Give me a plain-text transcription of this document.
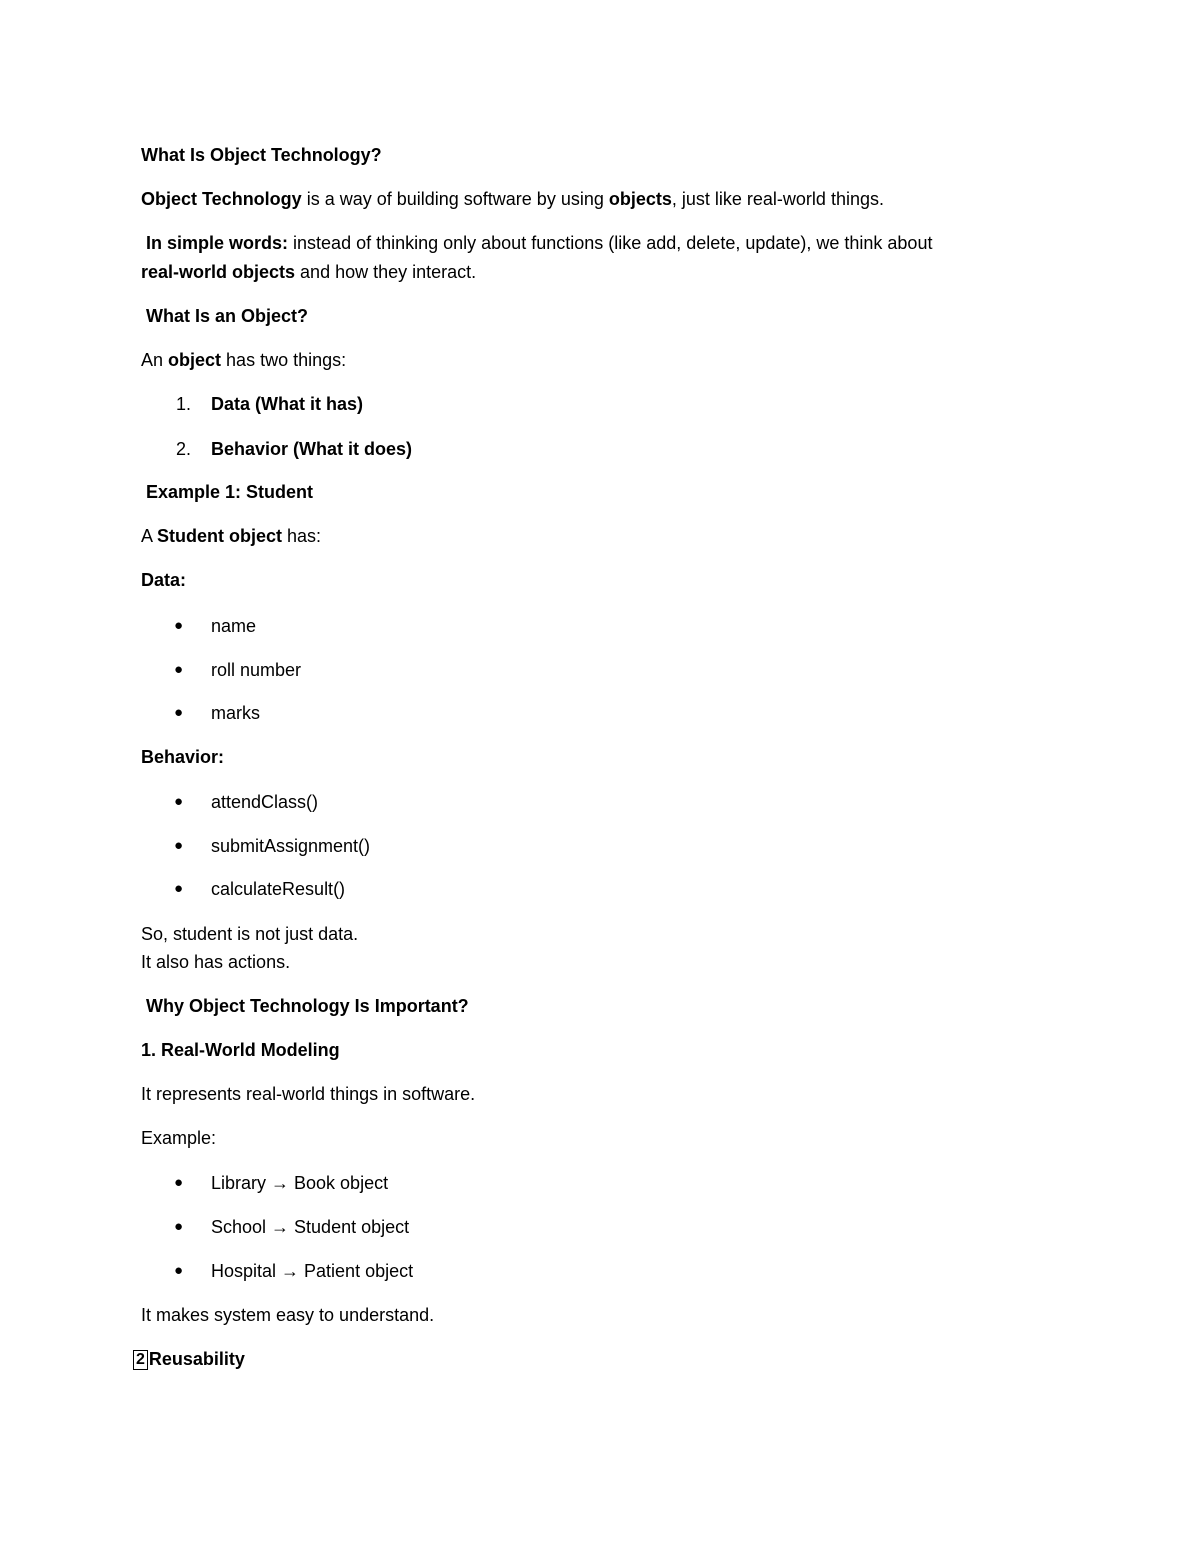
What Is Object Technology?
Object Technology is a way of building software by using objects, just like real-world things.
In simple words: instead of thinking only about functions (like add, delete, update), we think about
real-world objects and how they interact.
What Is an Object?
An object has two things:
1. Data (What it has)
2. Behavior (What it does)
Example 1: Student
A Student object has:
Data:
● name
● roll number
● marks
Behavior:
● attendClass()
● submitAssignment()
● calculateResult()
So, student is not just data.
It also has actions.
Why Object Technology Is Important?
1. Real-World Modeling
It represents real-world things in software.
Example:
● Library → Book object
● School → Student object
● Hospital → Patient object
It makes system easy to understand.
2 Reusability
